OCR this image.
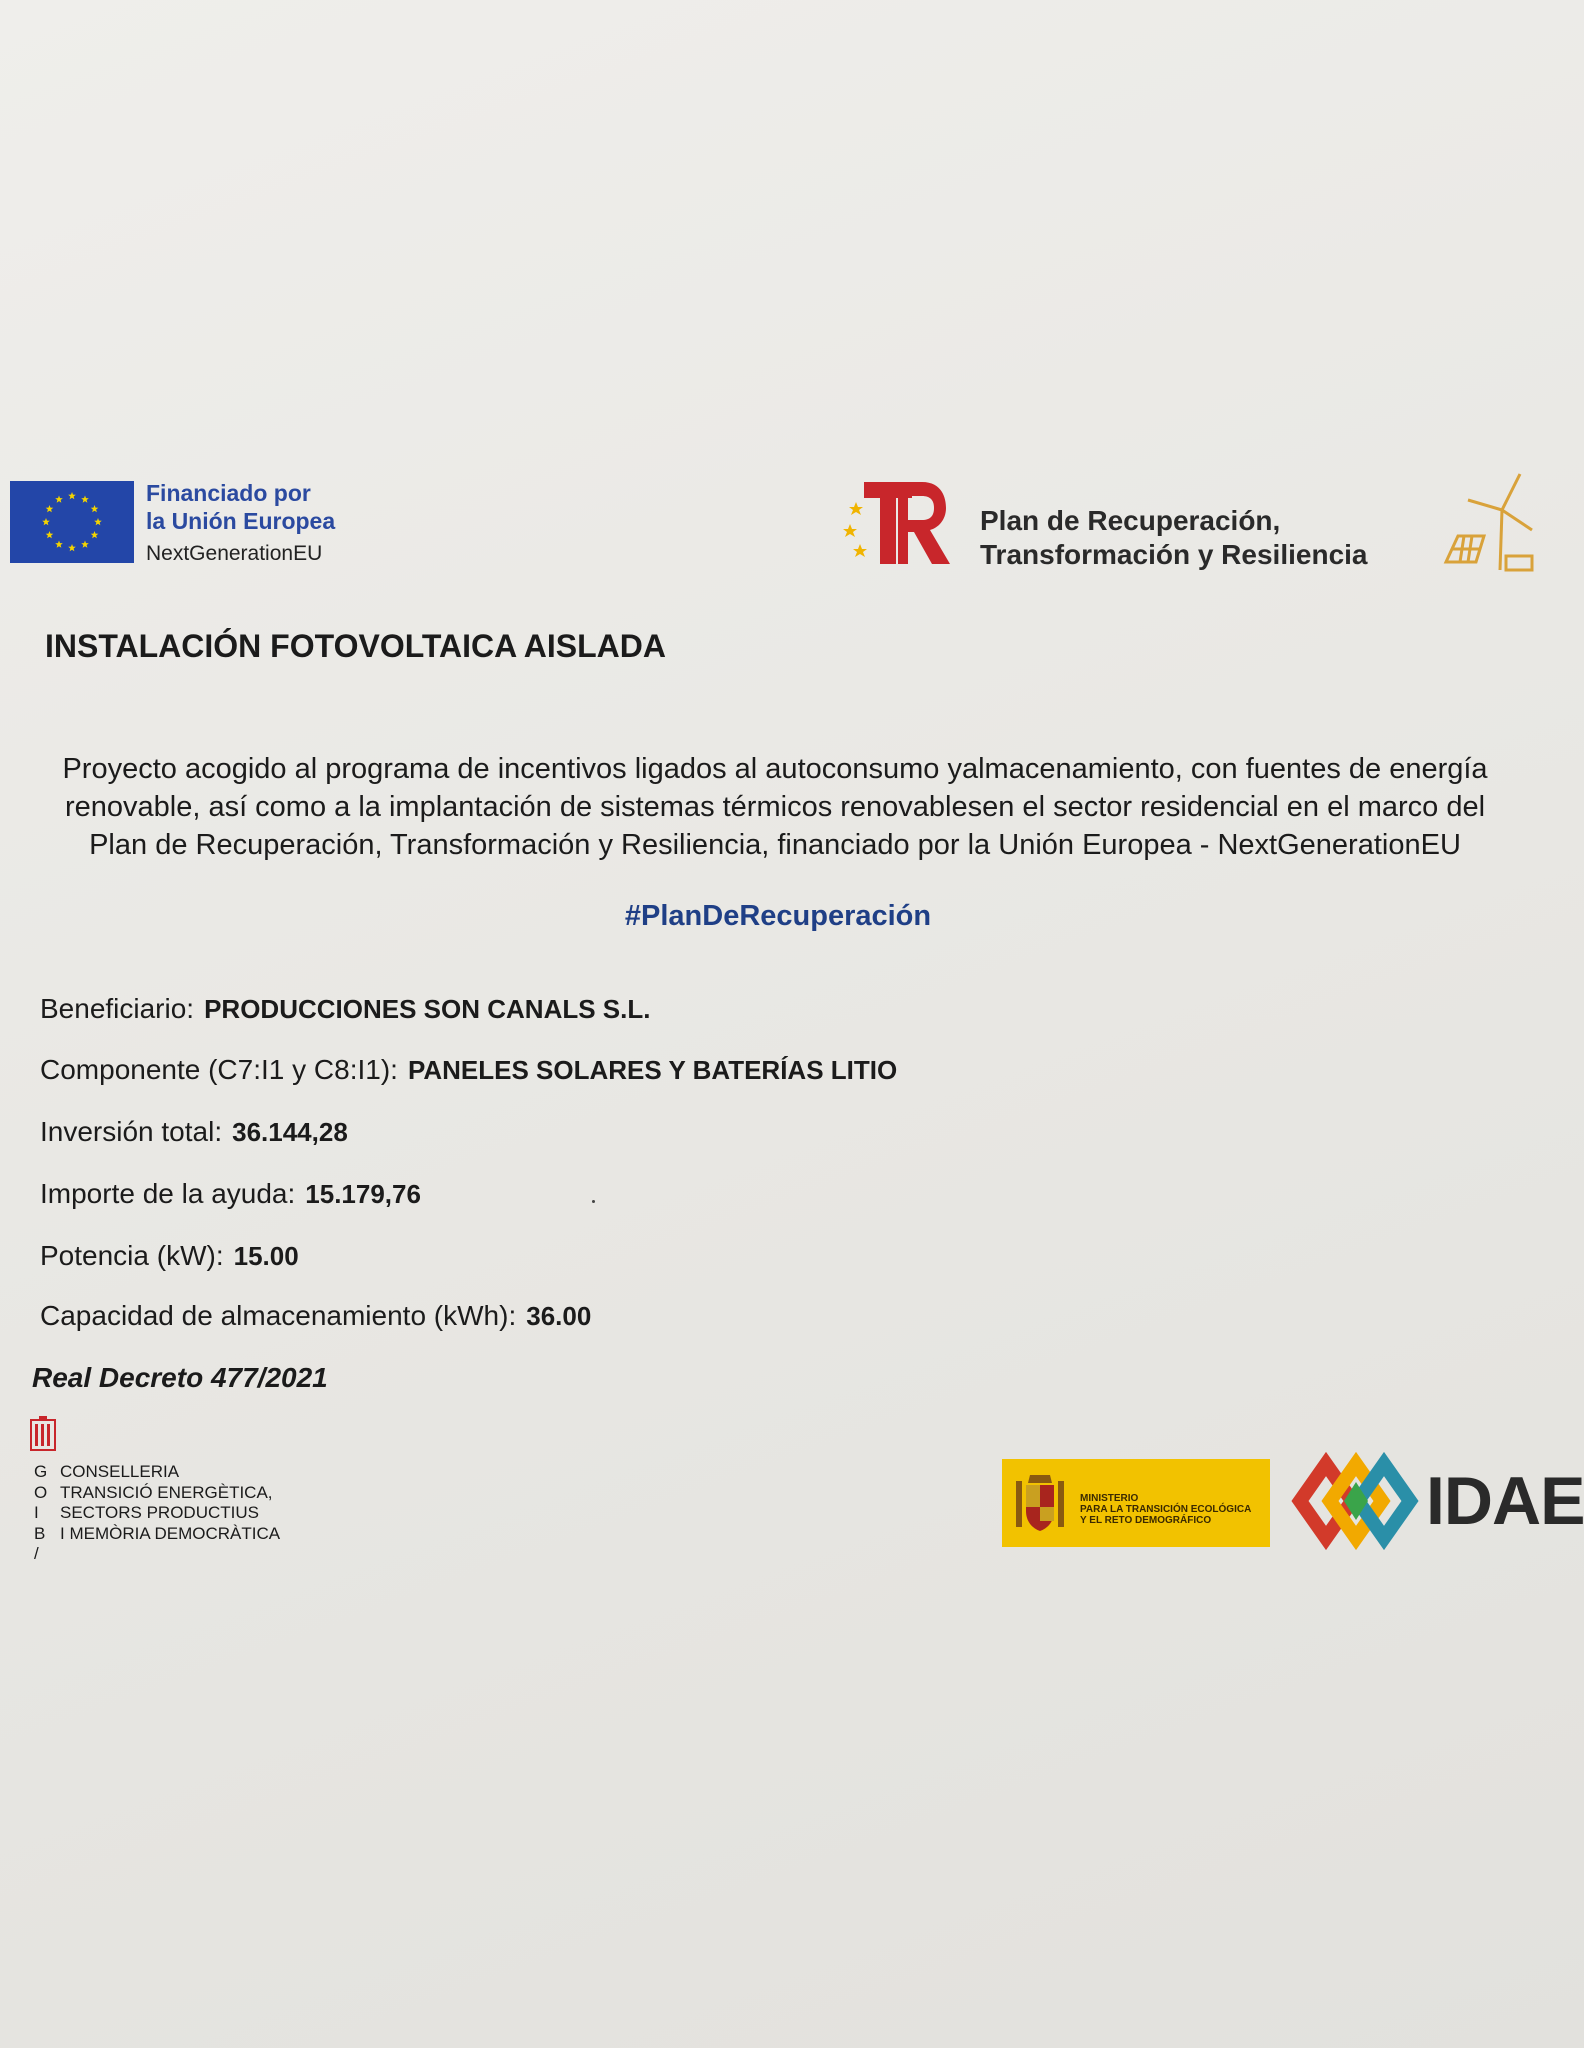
Financiado por
la Unión Europea
NextGenerationEU
Plan de Recuperación,
Transformación y Resiliencia
INSTALACIÓN FOTOVOLTAICA AISLADA

Proyecto acogido al programa de incentivos ligados al autoconsumo yalmacenamiento, con fuentes de energía
renovable, así como a la implantación de sistemas térmicos renovablesen el sector residencial en el marco del
Plan de Recuperación, Transformación y Resiliencia, financiado por la Unión Europea - NextGenerationEU

#PlanDeRecuperación
Beneficiario: PRODUCCIONES SON CANALS S.L.
Componente (C7:I1 y C8:I1): PANELES SOLARES Y BATERÍAS LITIO
Inversión total: 36.144,28
Importe de la ayuda: 15.179,76
Potencia (kW): 15.00
Capacidad de almacenamiento (kWh): 36.00
Real Decreto 477/2021
G
O
I
B
/
CONSELLERIA
TRANSICIÓ ENERGÈTICA,
SECTORS PRODUCTIUS
I MEMÒRIA DEMOCRÀTICA
MINISTERIO
PARA LA TRANSICIÓN ECOLÓGICA
Y EL RETO DEMOGRÁFICO	IDAE
